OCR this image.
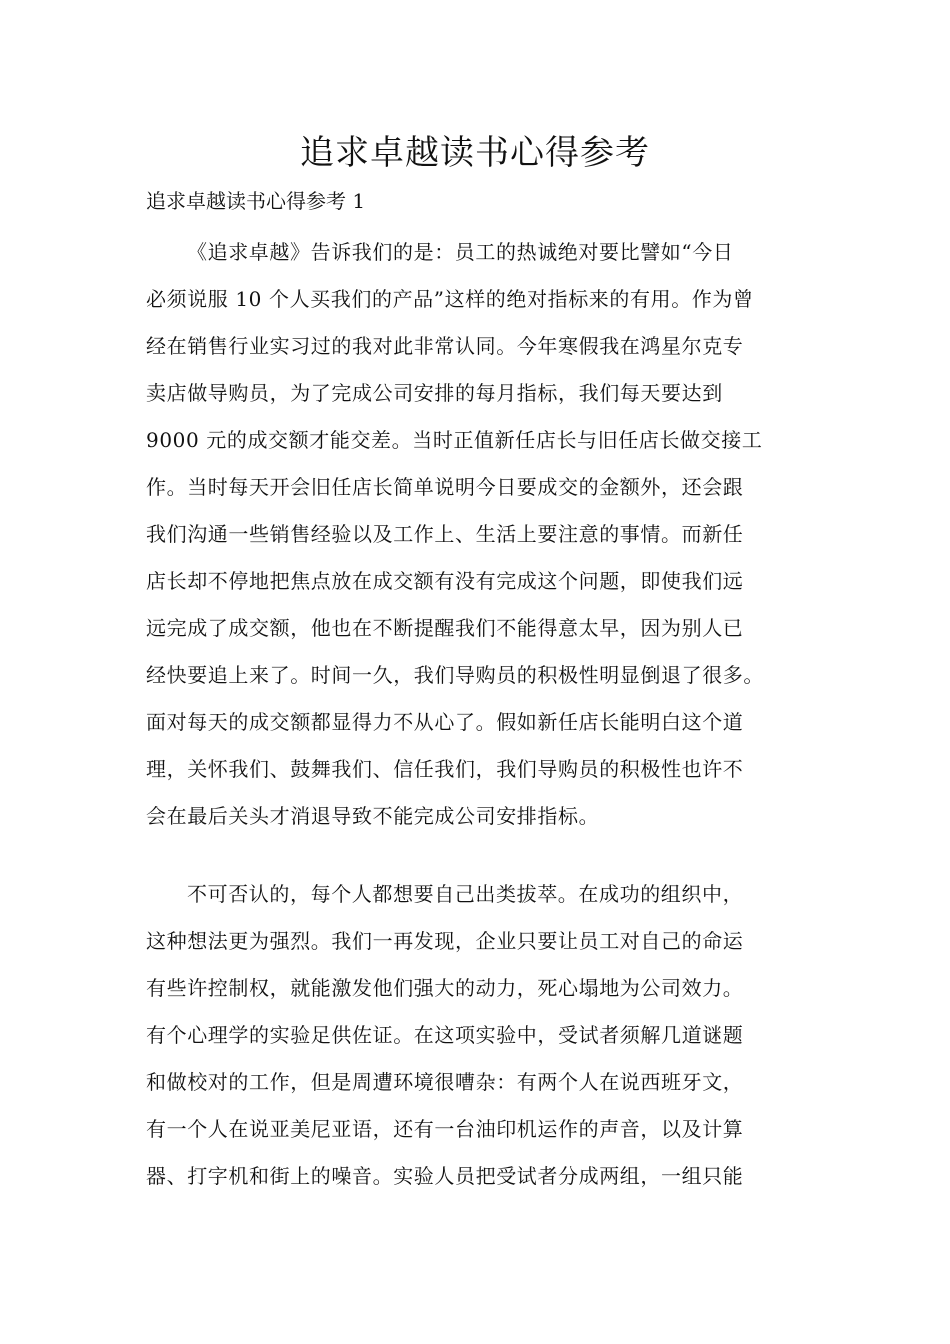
追求卓越读书心得参考

追求卓越读书心得参考 1

《追求卓越》告诉我们的是：员工的热诚绝对要比譬如“今日
必须说服 10 个人买我们的产品”这样的绝对指标来的有用。作为曾
经在销售行业实习过的我对此非常认同。今年寒假我在鸿星尔克专
卖店做导购员，为了完成公司安排的每月指标，我们每天要达到
9000 元的成交额才能交差。当时正值新任店长与旧任店长做交接工
作。当时每天开会旧任店长简单说明今日要成交的金额外，还会跟
我们沟通一些销售经验以及工作上、生活上要注意的事情。而新任
店长却不停地把焦点放在成交额有没有完成这个问题，即使我们远
远完成了成交额，他也在不断提醒我们不能得意太早，因为别人已
经快要追上来了。时间一久，我们导购员的积极性明显倒退了很多。
面对每天的成交额都显得力不从心了。假如新任店长能明白这个道
理，关怀我们、鼓舞我们、信任我们，我们导购员的积极性也许不
会在最后关头才消退导致不能完成公司安排指标。
不可否认的，每个人都想要自己出类拔萃。在成功的组织中，
这种想法更为强烈。我们一再发现，企业只要让员工对自己的命运
有些许控制权，就能激发他们强大的动力，死心塌地为公司效力。
有个心理学的实验足供佐证。在这项实验中，受试者须解几道谜题
和做校对的工作，但是周遭环境很嘈杂：有两个人在说西班牙文，
有一个人在说亚美尼亚语，还有一台油印机运作的声音，以及计算
器、打字机和街上的噪音。实验人员把受试者分成两组，一组只能
